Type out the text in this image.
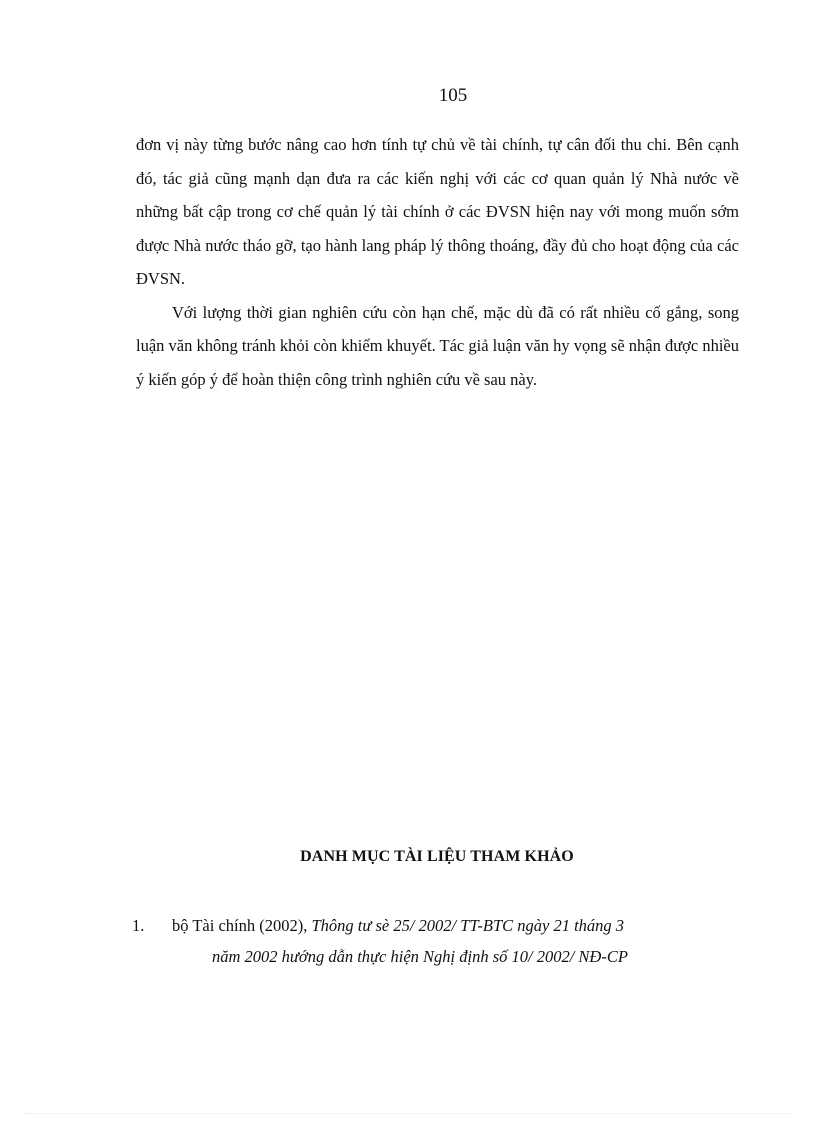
105

đơn vị này từng bước nâng cao hơn tính tự chủ về tài chính, tự cân đối thu chi. Bên cạnh đó, tác giả cũng mạnh dạn đưa ra các kiến nghị với các cơ quan quản lý Nhà nước về những bất cập trong cơ chế quản lý tài chính ở các ĐVSN hiện nay với mong muốn sớm được Nhà nước tháo gỡ, tạo hành lang pháp lý thông thoáng, đầy đủ cho hoạt động của các ĐVSN.

Với lượng thời gian nghiên cứu còn hạn chế, mặc dù đã có rất nhiều cố gắng, song luận văn không tránh khỏi còn khiếm khuyết. Tác giả luận văn hy vọng sẽ nhận được nhiều ý kiến góp ý để hoàn thiện công trình nghiên cứu về sau này.

DANH MỤC TÀI LIỆU THAM KHẢO
1. bộ Tài chính (2002), Thông tư sè 25/ 2002/ TT-BTC ngày 21 tháng 3
năm 2002 hướng dẫn thực hiện Nghị định số 10/ 2002/ NĐ-CP
